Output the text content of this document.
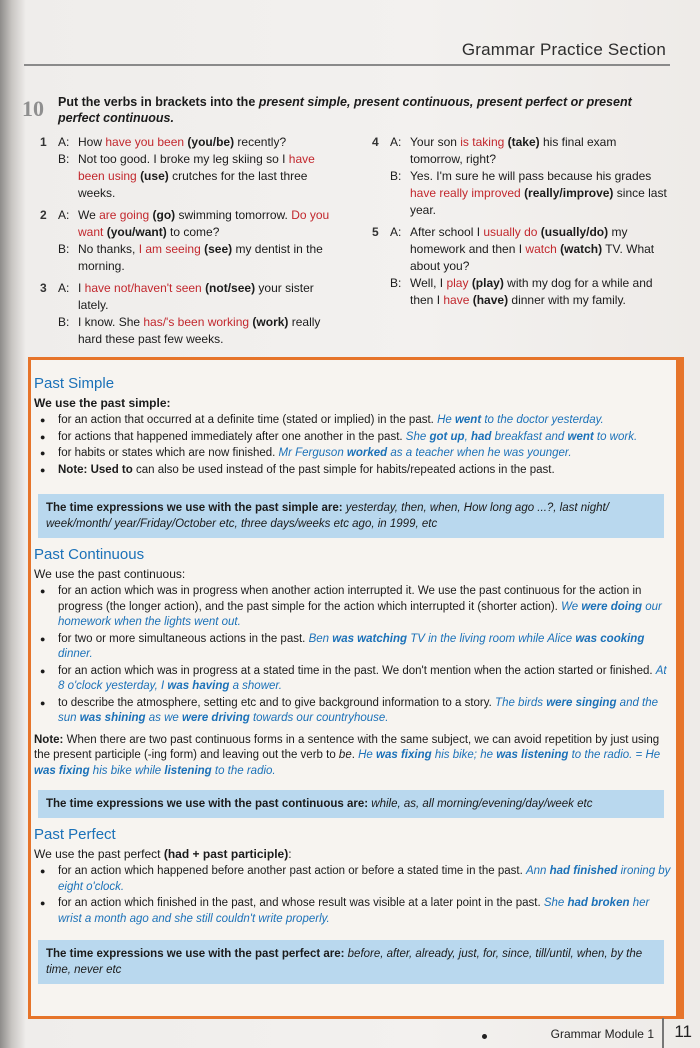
Grammar Practice Section
10 Put the verbs in brackets into the present simple, present continuous, present perfect or present perfect continuous.
1 A: How have you been (you/be) recently?
B: Not too good. I broke my leg skiing so I have been using (use) crutches for the last three weeks.
2 A: We are going (go) swimming tomorrow. Do you want (you/want) to come?
B: No thanks, I am seeing (see) my dentist in the morning.
3 A: I have not/haven't seen (not/see) your sister lately.
B: I know. She has/'s been working (work) really hard these past few weeks.
4 A: Your son is taking (take) his final exam tomorrow, right?
B: Yes. I'm sure he will pass because his grades have really improved (really/improve) since last year.
5 A: After school I usually do (usually/do) my homework and then I watch (watch) TV. What about you?
B: Well, I play (play) with my dog for a while and then I have (have) dinner with my family.
Past Simple
We use the past simple:
● for an action that occurred at a definite time (stated or implied) in the past. He went to the doctor yesterday.
● for actions that happened immediately after one another in the past. She got up, had breakfast and went to work.
● for habits or states which are now finished. Mr Ferguson worked as a teacher when he was younger.
● Note: Used to can also be used instead of the past simple for habits/repeated actions in the past.
The time expressions we use with the past simple are: yesterday, then, when, How long ago ...?, last night/ week/month/ year/Friday/October etc, three days/weeks etc ago, in 1999, etc
Past Continuous
We use the past continuous:
● for an action which was in progress when another action interrupted it. We use the past continuous for the action in progress (the longer action), and the past simple for the action which interrupted it (shorter action). We were doing our homework when the lights went out.
● for two or more simultaneous actions in the past. Ben was watching TV in the living room while Alice was cooking dinner.
● for an action which was in progress at a stated time in the past. We don't mention when the action started or finished. At 8 o'clock yesterday, I was having a shower.
● to describe the atmosphere, setting etc and to give background information to a story. The birds were singing and the sun was shining as we were driving towards our countryhouse.
Note: When there are two past continuous forms in a sentence with the same subject, we can avoid repetition by just using the present participle (-ing form) and leaving out the verb to be. He was fixing his bike; he was listening to the radio. = He was fixing his bike while listening to the radio.
The time expressions we use with the past continuous are: while, as, all morning/evening/day/week etc
Past Perfect
We use the past perfect (had + past participle):
● for an action which happened before another past action or before a stated time in the past. Ann had finished ironing by eight o'clock.
● for an action which finished in the past, and whose result was visible at a later point in the past. She had broken her wrist a month ago and she still couldn't write properly.
The time expressions we use with the past perfect are: before, after, already, just, for, since, till/until, when, by the time, never etc
Grammar Module 1 11
